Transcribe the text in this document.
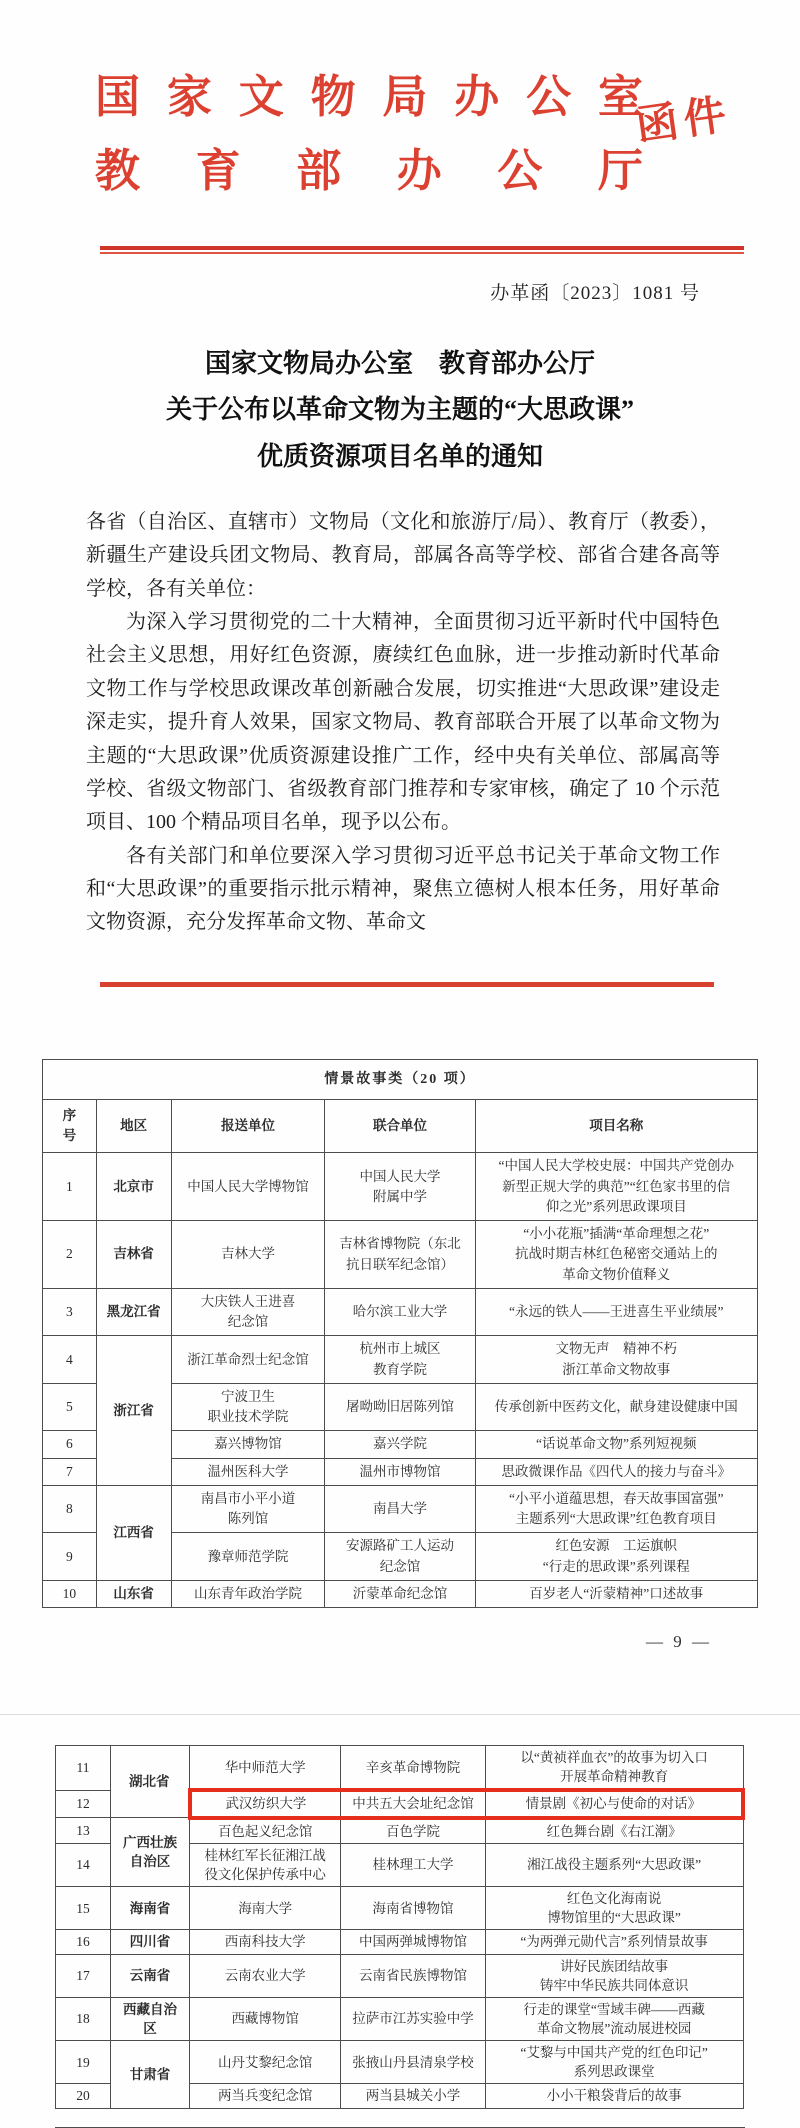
国家文物局办公室
教育部办公厅
函件
办革函〔2023〕1081 号
国家文物局办公室　教育部办公厅
关于公布以革命文物为主题的“大思政课”
优质资源项目名单的通知

各省（自治区、直辖市）文物局（文化和旅游厅/局）、教育厅（教委），新疆生产建设兵团文物局、教育局，部属各高等学校、部省合建各高等学校，各有关单位：

为深入学习贯彻党的二十大精神，全面贯彻习近平新时代中国特色社会主义思想，用好红色资源，赓续红色血脉，进一步推动新时代革命文物工作与学校思政课改革创新融合发展，切实推进“大思政课”建设走深走实，提升育人效果，国家文物局、教育部联合开展了以革命文物为主题的“大思政课”优质资源建设推广工作，经中央有关单位、部属高等学校、省级文物部门、省级教育部门推荐和专家审核，确定了 10 个示范项目、100 个精品项目名单，现予以公布。

各有关部门和单位要深入学习贯彻习近平总书记关于革命文物工作和“大思政课”的重要指示批示精神，聚焦立德树人根本任务，用好革命文物资源，充分发挥革命文物、革命文

情景故事类（20 项）				
序
号	地区	报送单位	联合单位	项目名称
1	北京市	中国人民大学博物馆	中国人民大学
附属中学	“中国人民大学校史展：中国共产党创办
新型正规大学的典范”“红色家书里的信
仰之光”系列思政课项目
2	吉林省	吉林大学	吉林省博物院（东北
抗日联军纪念馆）	“小小花瓶”插满“革命理想之花”
抗战时期吉林红色秘密交通站上的
革命文物价值释义
3	黑龙江省	大庆铁人王进喜
纪念馆	哈尔滨工业大学	“永远的铁人——王进喜生平业绩展”
4	浙江省	浙江革命烈士纪念馆	杭州市上城区
教育学院	文物无声　精神不朽
浙江革命文物故事
5		宁波卫生
职业技术学院	屠呦呦旧居陈列馆	传承创新中医药文化，献身建设健康中国
6		嘉兴博物馆	嘉兴学院	“话说革命文物”系列短视频
7		温州医科大学	温州市博物馆	思政微课作品《四代人的接力与奋斗》
8	江西省	南昌市小平小道
陈列馆	南昌大学	“小平小道蕴思想，春天故事国富强”
主题系列“大思政课”红色教育项目
9		豫章师范学院	安源路矿工人运动
纪念馆	红色安源　工运旗帜
“行走的思政课”系列课程
10	山东省	山东青年政治学院	沂蒙革命纪念馆	百岁老人“沂蒙精神”口述故事
— 9 —
11	湖北省	华中师范大学	辛亥革命博物院	以“黄祯祥血衣”的故事为切入口
开展革命精神教育
12		武汉纺织大学	中共五大会址纪念馆	情景剧《初心与使命的对话》
13	广西壮族
自治区	百色起义纪念馆	百色学院	红色舞台剧《右江潮》
14		桂林红军长征湘江战
役文化保护传承中心	桂林理工大学	湘江战役主题系列“大思政课”
15	海南省	海南大学	海南省博物馆	红色文化海南说
博物馆里的“大思政课”
16	四川省	西南科技大学	中国两弹城博物馆	“为两弹元勋代言”系列情景故事
17	云南省	云南农业大学	云南省民族博物馆	讲好民族团结故事
铸牢中华民族共同体意识
18	西藏自治
区	西藏博物馆	拉萨市江苏实验中学	行走的课堂“雪域丰碑——西藏
革命文物展”流动展进校园
19	甘肃省	山丹艾黎纪念馆	张掖山丹县清泉学校	“艾黎与中国共产党的红色印记”
系列思政课堂
20		两当兵变纪念馆	两当县城关小学	小小干粮袋背后的故事
